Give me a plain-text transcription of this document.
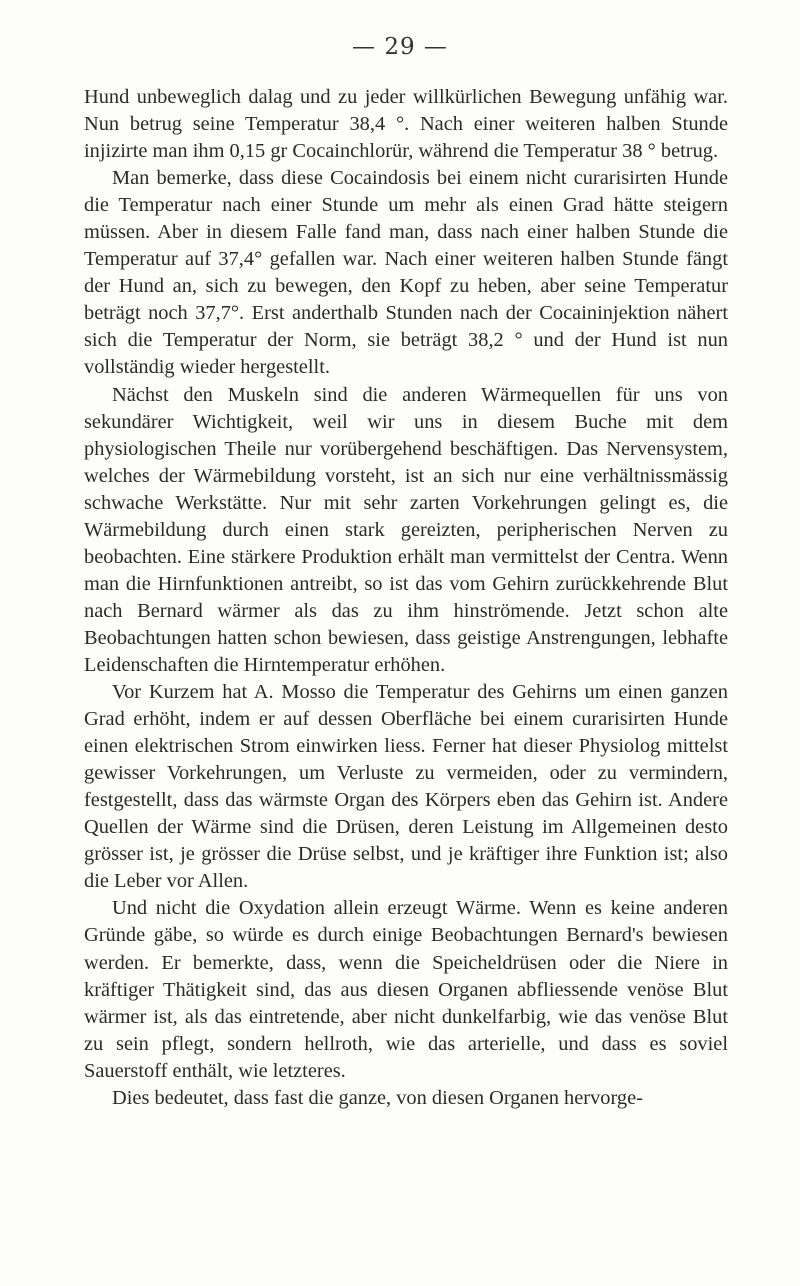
— 29 —

Hund unbeweglich dalag und zu jeder willkürlichen Bewegung unfähig war. Nun betrug seine Temperatur 38,4 °. Nach einer weiteren halben Stunde injizirte man ihm 0,15 gr Cocainchlorür, während die Temperatur 38 ° betrug.

Man bemerke, dass diese Cocaindosis bei einem nicht curarisirten Hunde die Temperatur nach einer Stunde um mehr als einen Grad hätte steigern müssen. Aber in diesem Falle fand man, dass nach einer halben Stunde die Temperatur auf 37,4° gefallen war. Nach einer weiteren halben Stunde fängt der Hund an, sich zu bewegen, den Kopf zu heben, aber seine Temperatur beträgt noch 37,7°. Erst anderthalb Stunden nach der Cocaininjektion nähert sich die Temperatur der Norm, sie beträgt 38,2 ° und der Hund ist nun vollständig wieder hergestellt.

Nächst den Muskeln sind die anderen Wärmequellen für uns von sekundärer Wichtigkeit, weil wir uns in diesem Buche mit dem physiologischen Theile nur vorübergehend beschäftigen. Das Nervensystem, welches der Wärmebildung vorsteht, ist an sich nur eine verhältnissmässig schwache Werkstätte. Nur mit sehr zarten Vorkehrungen gelingt es, die Wärmebildung durch einen stark gereizten, peripherischen Nerven zu beobachten. Eine stärkere Produktion erhält man vermittelst der Centra. Wenn man die Hirnfunktionen antreibt, so ist das vom Gehirn zurückkehrende Blut nach Bernard wärmer als das zu ihm hinströmende. Jetzt schon alte Beobachtungen hatten schon bewiesen, dass geistige Anstrengungen, lebhafte Leidenschaften die Hirntemperatur erhöhen.

Vor Kurzem hat A. Mosso die Temperatur des Gehirns um einen ganzen Grad erhöht, indem er auf dessen Oberfläche bei einem curarisirten Hunde einen elektrischen Strom einwirken liess. Ferner hat dieser Physiolog mittelst gewisser Vorkehrungen, um Verluste zu vermeiden, oder zu vermindern, festgestellt, dass das wärmste Organ des Körpers eben das Gehirn ist. Andere Quellen der Wärme sind die Drüsen, deren Leistung im Allgemeinen desto grösser ist, je grösser die Drüse selbst, und je kräftiger ihre Funktion ist; also die Leber vor Allen.

Und nicht die Oxydation allein erzeugt Wärme. Wenn es keine anderen Gründe gäbe, so würde es durch einige Beobachtungen Bernard's bewiesen werden. Er bemerkte, dass, wenn die Speicheldrüsen oder die Niere in kräftiger Thätigkeit sind, das aus diesen Organen abfliessende venöse Blut wärmer ist, als das eintretende, aber nicht dunkelfarbig, wie das venöse Blut zu sein pflegt, sondern hellroth, wie das arterielle, und dass es soviel Sauerstoff enthält, wie letzteres.

Dies bedeutet, dass fast die ganze, von diesen Organen hervorge-
